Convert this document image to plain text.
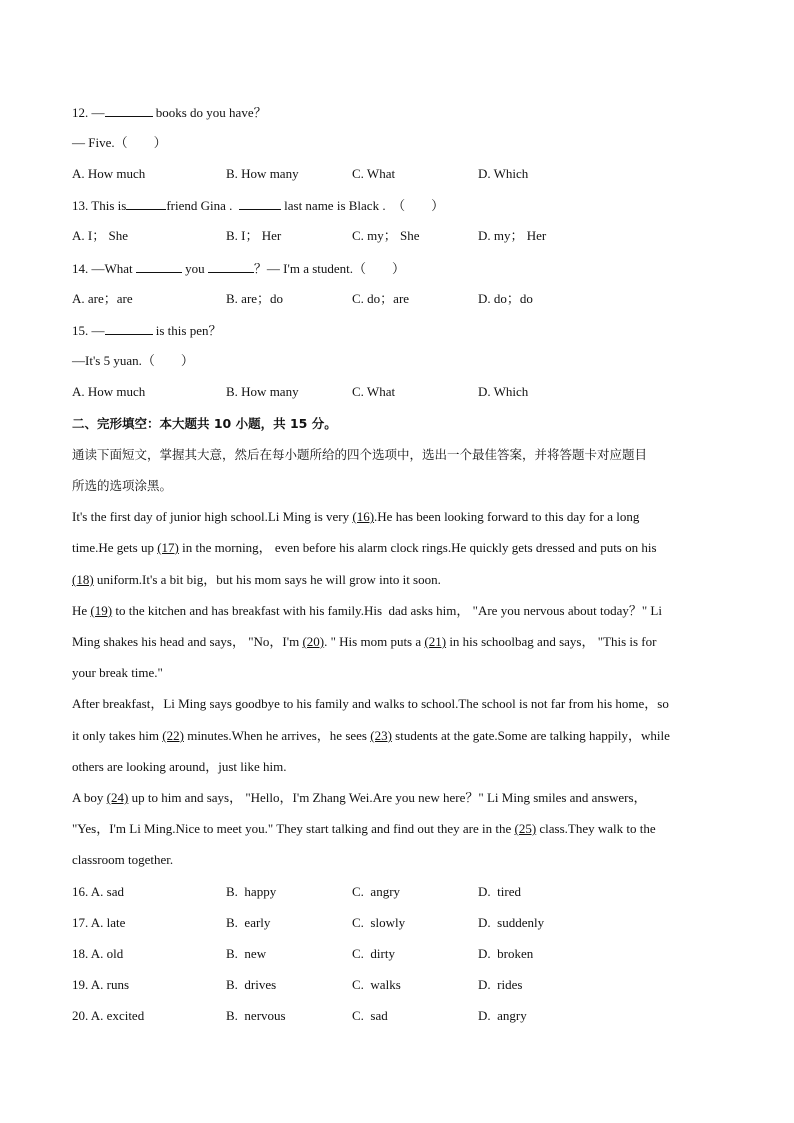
12. —	books do you have？
— Five.（        ）
A. How much	B. How many	C. What	D. Which
13. This is	friend Gina .	last name is Black .  （        ）
A. I； She	B. I； Her	C. my； She	D. my； Her
14. —What	you	？— I'm a student.（        ）
A. are；are	B. are；do	C. do；are	D. do；do
15. —	is this pen？
—It's 5 yuan.（        ）
A. How much	B. How many	C. What	D. Which
二、完形填空：本大题共 10 小题，共 15 分。
通读下面短文，掌握其大意，然后在每小题所给的四个选项中，选出一个最佳答案，并将答题卡对应题目
所选的选项涂黑。
It's the first day of junior high school.Li Ming is very (16).He has been looking forward to this day for a long
time.He gets up (17) in the morning， even before his alarm clock rings.He quickly gets dressed and puts on his
(18) uniform.It's a bit big，but his mom says he will grow into it soon.
He (19) to the kitchen and has breakfast with his family.His  dad asks him， "Are you nervous about today？" Li
Ming shakes his head and says， "No，I'm (20). " His mom puts a (21) in his schoolbag and says， "This is for
your break time."
After breakfast，Li Ming says goodbye to his family and walks to school.The school is not far from his home，so
it only takes him (22) minutes.When he arrives，he sees (23) students at the gate.Some are talking happily，while
others are looking around，just like him.
A boy (24) up to him and says， "Hello，I'm Zhang Wei.Are you new here？" Li Ming smiles and answers，
"Yes，I'm Li Ming.Nice to meet you." They start talking and find out they are in the (25) class.They walk to the
classroom together.
16. A. sad	B.  happy	C.  angry	D.  tired
17. A. late	B.  early	C.  slowly	D.  suddenly
18. A. old	B.  new	C.  dirty	D.  broken
19. A. runs	B.  drives	C.  walks	D.  rides
20. A. excited	B.  nervous	C.  sad	D.  angry
